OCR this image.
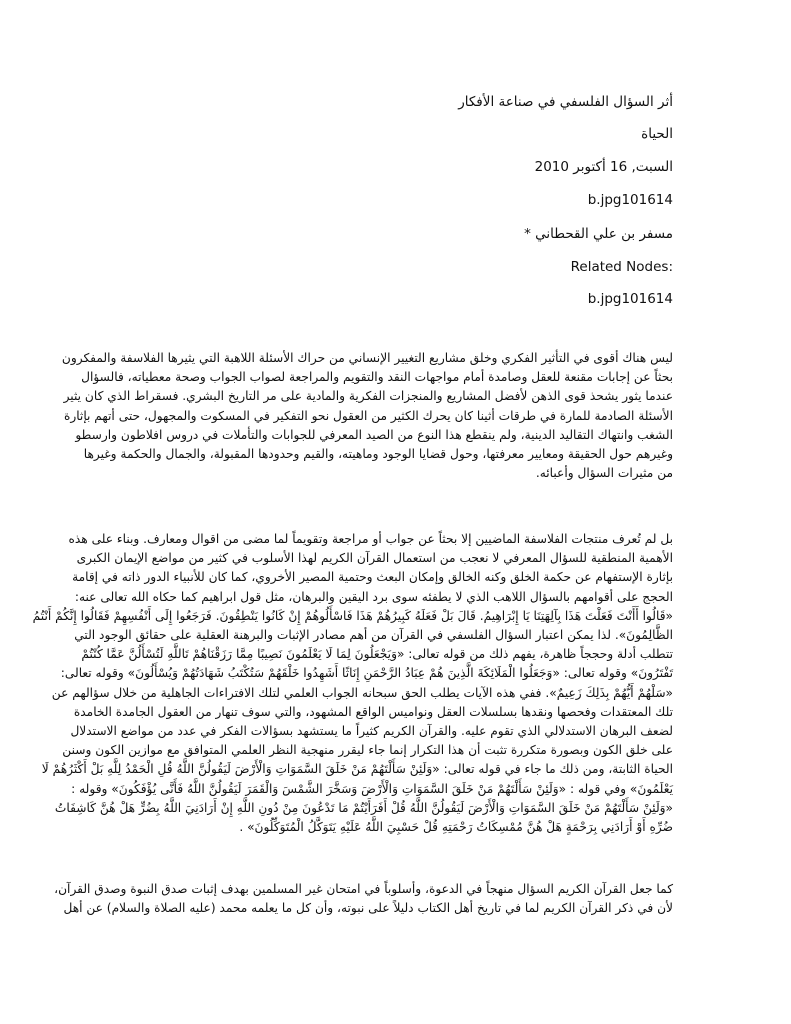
أثر السؤال الفلسفي في صناعة الأفكار
الحياة
السبت, 16 أكتوبر 2010
b.jpg101614
مسفر بن علي القحطاني *
Related Nodes:
b.jpg101614
ليس هناك أقوى في التأثير الفكري وخلق مشاريع التغيير الإنساني من حراك الأسئلة اللاهبة التي يثيرها الفلاسفة والمفكرون
بحثاً عن إجابات مقنعة للعقل وصامدة أمام مواجهات النقد والتقويم والمراجعة لصواب الجواب وصحة معطياته، فالسؤال
عندما يثور يشحذ قوى الذهن لأفضل المشاريع والمنجزات الفكرية والمادية على مر التاريخ البشري. فسقراط الذي كان يثير
الأسئلة الصادمة للمارة في طرقات أثينا كان يحرك الكثير من العقول نحو التفكير في المسكوت والمجهول، حتى أتهم بإثارة
الشغب وانتهاك التقاليد الدينية، ولم ينقطع هذا النوع من الصيد المعرفي للجوابات والتأملات في دروس افلاطون وارسطو
وغيرهم حول الحقيقة ومعايير معرفتها، وحول قضايا الوجود وماهيته، والقيم وحدودها المقبولة، والجمال والحكمة وغيرها
من مثيرات السؤال وأعبائه.
بل لم تُعرف منتجات الفلاسفة الماضيين إلا بحثاً عن جواب أو مراجعة وتقويماً لما مضى من اقوال ومعارف. وبناء على هذه
الأهمية المنطقية للسؤال المعرفي لا نعجب من استعمال القرآن الكريم لهذا الأسلوب في كثير من مواضع الإيمان الكبرى
بإثارة الإستفهام عن حكمة الخلق وكنه الخالق وإمكان البعث وحتمية المصير الأخروي، كما كان للأنبياء الدور ذاته في إقامة
الحجج على أقوامهم بالسؤال اللاهب الذي لا يطفئه سوى برد اليقين والبرهان، مثل قول ابراهيم كما حكاه الله تعالى عنه:
«قَالُوا أَأَنْتَ فَعَلْتَ هَذَا بِآلِهَتِنَا يَا إِبْرَاهِيمُ. قَالَ بَلْ فَعَلَهُ كَبِيرُهُمْ هَذَا فَاسْأَلُوهُمْ إِنْ كَانُوا يَنْطِقُونَ. فَرَجَعُوا إِلَى أَنْفُسِهِمْ فَقَالُوا إِنَّكُمْ أَنْتُمُ
الظَّالِمُونَ». لذا يمكن اعتبار السؤال الفلسفي في القرآن من أهم مصادر الإثبات والبرهنة العقلية على حقائق الوجود التي
تتطلب أدلة وحججاً ظاهرة، يفهم ذلك من قوله تعالى: «وَيَجْعَلُونَ لِمَا لَا يَعْلَمُونَ نَصِيبًا مِمَّا رَزَقْنَاهُمْ تَاللَّهِ لَتُسْأَلُنَّ عَمَّا كُنْتُمْ
تَفْتَرُونَ» وقوله تعالى: «وَجَعَلُوا الْمَلَائِكَةَ الَّذِينَ هُمْ عِبَادُ الرَّحْمَنِ إِنَاثًا أَشَهِدُوا خَلْقَهُمْ سَتُكْتَبُ شَهَادَتُهُمْ وَيُسْأَلُونَ» وقوله تعالى:
«سَلْهُمْ أَيُّهُمْ بِذَلِكَ زَعِيمٌ». ففي هذه الآيات يطلب الحق سبحانه الجواب العلمي لتلك الافتراءات الجاهلية من خلال سؤالهم عن
تلك المعتقدات وفحصها ونقدها بسلسلات العقل ونواميس الواقع المشهود، والتي سوف تنهار من العقول الجامدة الخامدة
لضعف البرهان الاستدلالي الذي تقوم عليه. والقرآن الكريم كثيراً ما يستشهد بسؤالات الفكر في عدد من مواضع الاستدلال
على خلق الكون وبصورة متكررة تثبت أن هذا التكرار إنما جاء ليقرر منهجية النظر العلمي المتوافق مع موازين الكون وسنن
الحياة الثابتة، ومن ذلك ما جاء في قوله تعالى: «وَلَئِنْ سَأَلْتَهُمْ مَنْ خَلَقَ السَّمَوَاتِ وَالْأَرْضَ لَيَقُولُنَّ اللَّهُ قُلِ الْحَمْدُ لِلَّهِ بَلْ أَكْثَرُهُمْ لَا
يَعْلَمُونَ» وفي قوله : «وَلَئِنْ سَأَلْتَهُمْ مَنْ خَلَقَ السَّمَوَاتِ وَالْأَرْضَ وَسَخَّرَ الشَّمْسَ وَالْقَمَرَ لَيَقُولُنَّ اللَّهُ فَأَنَّى يُؤْفَكُونَ» وقوله :
«وَلَئِنْ سَأَلْتَهُمْ مَنْ خَلَقَ السَّمَوَاتِ وَالْأَرْضَ لَيَقُولُنَّ اللَّهُ قُلْ أَفَرَأَيْتُمْ مَا تَدْعُونَ مِنْ دُونِ اللَّهِ إِنْ أَرَادَنِيَ اللَّهُ بِضُرٍّ هَلْ هُنَّ كَاشِفَاتُ
ضُرِّهِ أَوْ أَرَادَنِي بِرَحْمَةٍ هَلْ هُنَّ مُمْسِكَاتُ رَحْمَتِهِ قُلْ حَسْبِيَ اللَّهُ عَلَيْهِ يَتَوَكَّلُ الْمُتَوَكِّلُونَ» .
كما جعل القرآن الكريم السؤال منهجاً في الدعوة، وأسلوباً في امتحان غير المسلمين بهدف إثبات صدق النبوة وصدق القرآن،
لأن في ذكر القرآن الكريم لما في تاريخ أهل الكتاب دليلاً على نبوته، وأن كل ما يعلمه محمد (عليه الصلاة والسلام) عن أهل
